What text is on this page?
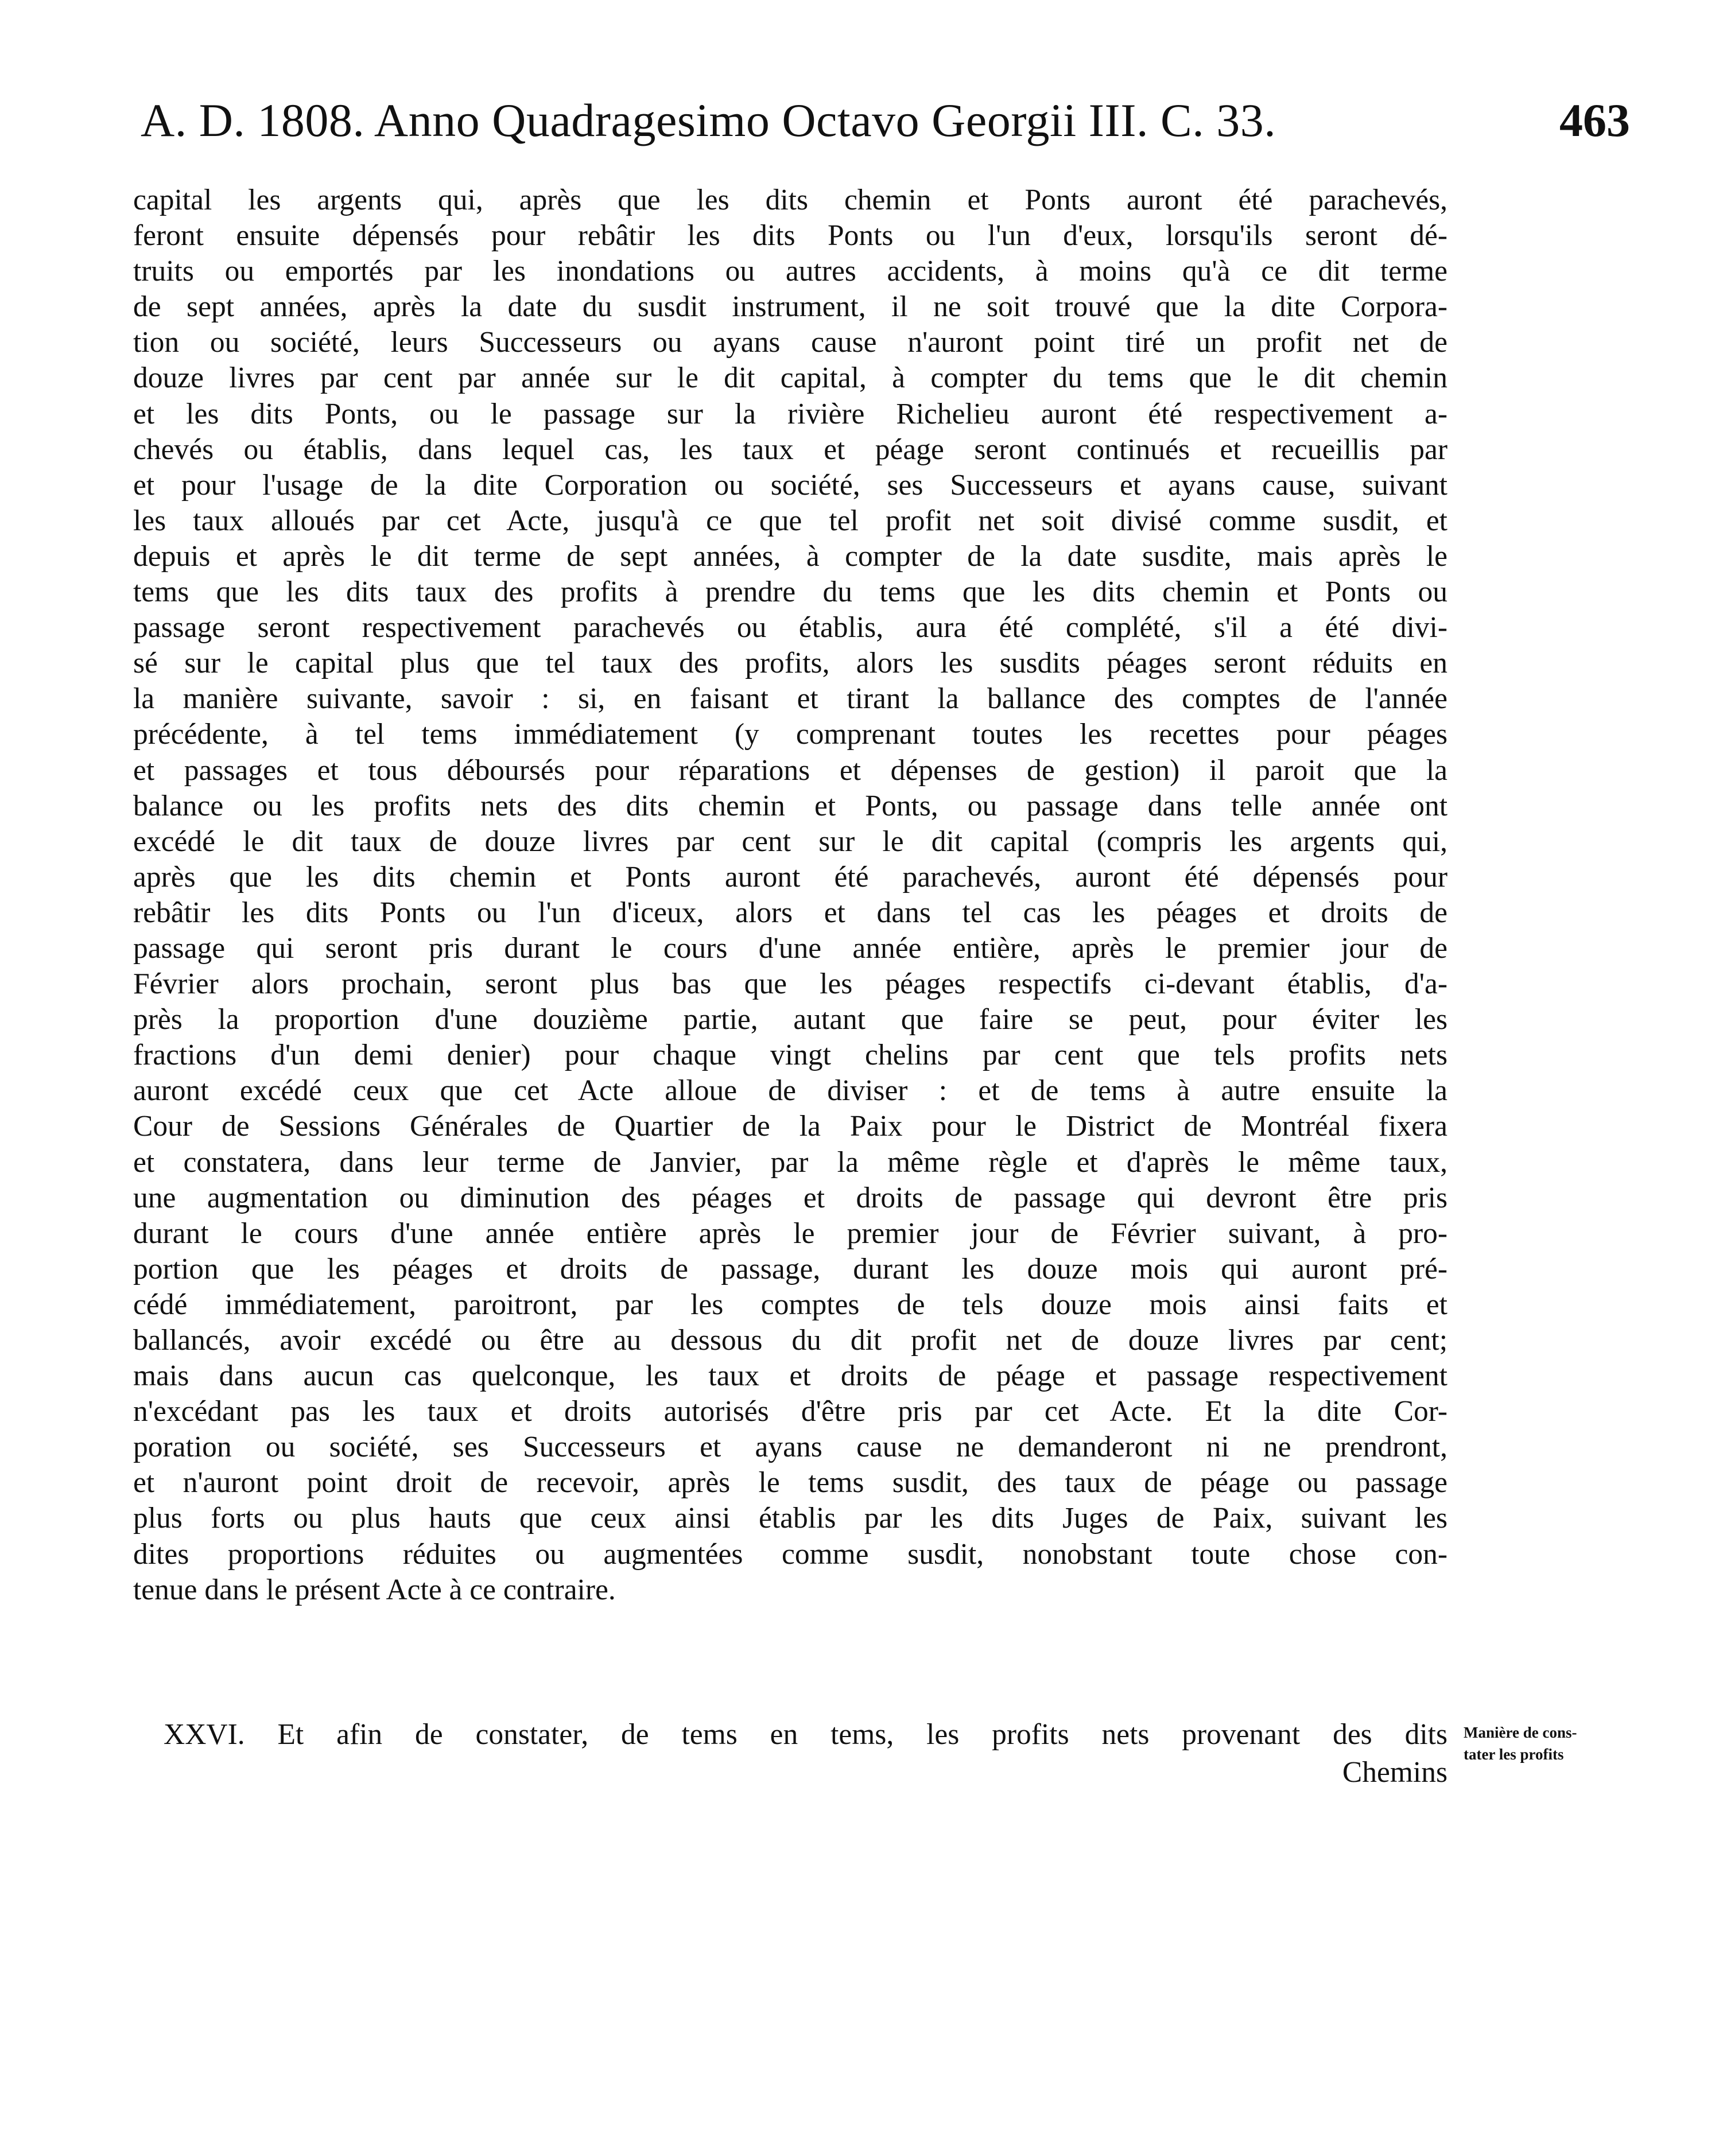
A. D. 1808. Anno Quadragesimo Octavo Georgii III. C. 33.	463
capital les argents qui, après que les dits chemin et Ponts auront été parachevés,
feront ensuite dépensés pour rebâtir les dits Ponts ou l'un d'eux, lorsqu'ils seront dé-
truits ou emportés par les inondations ou autres accidents, à moins qu'à ce dit terme
de sept années, après la date du susdit instrument, il ne soit trouvé que la dite Corpora-
tion ou société, leurs Successeurs ou ayans cause n'auront point tiré un profit net de
douze livres par cent par année sur le dit capital, à compter du tems que le dit chemin
et les dits Ponts, ou le passage sur la rivière Richelieu auront été respectivement a-
chevés ou établis, dans lequel cas, les taux et péage seront continués et recueillis par
et pour l'usage de la dite Corporation ou société, ses Successeurs et ayans cause, suivant
les taux alloués par cet Acte, jusqu'à ce que tel profit net soit divisé comme susdit, et
depuis et après le dit terme de sept années, à compter de la date susdite, mais après le
tems que les dits taux des profits à prendre du tems que les dits chemin et Ponts ou
passage seront respectivement parachevés ou établis, aura été complété, s'il a été divi-
sé sur le capital plus que tel taux des profits, alors les susdits péages seront réduits en
la manière suivante, savoir : si, en faisant et tirant la ballance des comptes de l'année
précédente, à tel tems immédiatement (y comprenant toutes les recettes pour péages
et passages et tous déboursés pour réparations et dépenses de gestion) il paroit que la
balance ou les profits nets des dits chemin et Ponts, ou passage dans telle année ont
excédé le dit taux de douze livres par cent sur le dit capital (compris les argents qui,
après que les dits chemin et Ponts auront été parachevés, auront été dépensés pour
rebâtir les dits Ponts ou l'un d'iceux, alors et dans tel cas les péages et droits de
passage qui seront pris durant le cours d'une année entière, après le premier jour de
Février alors prochain, seront plus bas que les péages respectifs ci-devant établis, d'a-
près la proportion d'une douzième partie, autant que faire se peut, pour éviter les
fractions d'un demi denier) pour chaque vingt chelins par cent que tels profits nets
auront excédé ceux que cet Acte alloue de diviser : et de tems à autre ensuite la
Cour de Sessions Générales de Quartier de la Paix pour le District de Montréal fixera
et constatera, dans leur terme de Janvier, par la même règle et d'après le même taux,
une augmentation ou diminution des péages et droits de passage qui devront être pris
durant le cours d'une année entière après le premier jour de Février suivant, à pro-
portion que les péages et droits de passage, durant les douze mois qui auront pré-
cédé immédiatement, paroitront, par les comptes de tels douze mois ainsi faits et
ballancés, avoir excédé ou être au dessous du dit profit net de douze livres par cent;
mais dans aucun cas quelconque, les taux et droits de péage et passage respectivement
n'excédant pas les taux et droits autorisés d'être pris par cet Acte. Et la dite Cor-
poration ou société, ses Successeurs et ayans cause ne demanderont ni ne prendront,
et n'auront point droit de recevoir, après le tems susdit, des taux de péage ou passage
plus forts ou plus hauts que ceux ainsi établis par les dits Juges de Paix, suivant les
dites proportions réduites ou augmentées comme susdit, nonobstant toute chose con-
tenue dans le présent Acte à ce contraire.
XXVI. Et afin de constater, de tems en tems, les profits nets provenant des dits
Chemins
Manière de cons-
tater les profits
